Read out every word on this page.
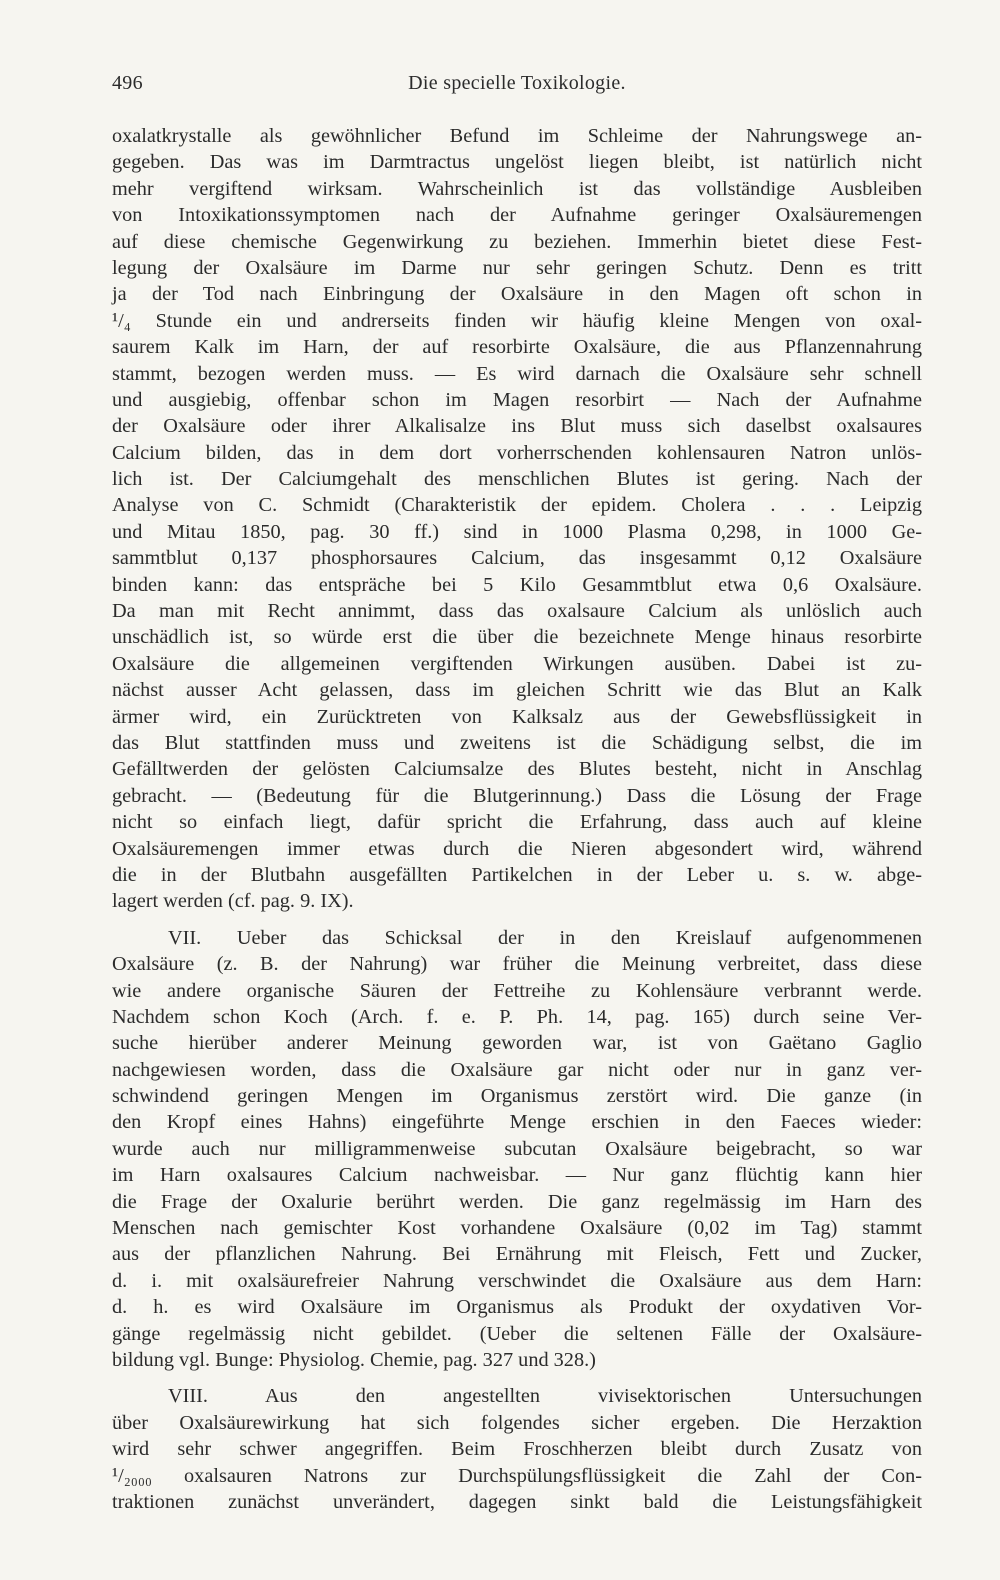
496	Die specielle Toxikologie.
oxalatkrystalle als gewöhnlicher Befund im Schleime der Nahrungswege an-
gegeben. Das was im Darmtractus ungelöst liegen bleibt, ist natürlich nicht
mehr vergiftend wirksam. Wahrscheinlich ist das vollständige Ausbleiben
von Intoxikationssymptomen nach der Aufnahme geringer Oxalsäuremengen
auf diese chemische Gegenwirkung zu beziehen. Immerhin bietet diese Fest-
legung der Oxalsäure im Darme nur sehr geringen Schutz. Denn es tritt
ja der Tod nach Einbringung der Oxalsäure in den Magen oft schon in
¹/₄ Stunde ein und andrerseits finden wir häufig kleine Mengen von oxal-
saurem Kalk im Harn, der auf resorbirte Oxalsäure, die aus Pflanzennahrung
stammt, bezogen werden muss. — Es wird darnach die Oxalsäure sehr schnell
und ausgiebig, offenbar schon im Magen resorbirt — Nach der Aufnahme
der Oxalsäure oder ihrer Alkalisalze ins Blut muss sich daselbst oxalsaures
Calcium bilden, das in dem dort vorherrschenden kohlensauren Natron unlös-
lich ist. Der Calciumgehalt des menschlichen Blutes ist gering. Nach der
Analyse von C. Schmidt (Charakteristik der epidem. Cholera . . . Leipzig
und Mitau 1850, pag. 30 ff.) sind in 1000 Plasma 0,298, in 1000 Ge-
sammtblut 0,137 phosphorsaures Calcium, das insgesammt 0,12 Oxalsäure
binden kann: das entspräche bei 5 Kilo Gesammtblut etwa 0,6 Oxalsäure.
Da man mit Recht annimmt, dass das oxalsaure Calcium als unlöslich auch
unschädlich ist, so würde erst die über die bezeichnete Menge hinaus resorbirte
Oxalsäure die allgemeinen vergiftenden Wirkungen ausüben. Dabei ist zu-
nächst ausser Acht gelassen, dass im gleichen Schritt wie das Blut an Kalk
ärmer wird, ein Zurücktreten von Kalksalz aus der Gewebsflüssigkeit in
das Blut stattfinden muss und zweitens ist die Schädigung selbst, die im
Gefälltwerden der gelösten Calciumsalze des Blutes besteht, nicht in Anschlag
gebracht. — (Bedeutung für die Blutgerinnung.) Dass die Lösung der Frage
nicht so einfach liegt, dafür spricht die Erfahrung, dass auch auf kleine
Oxalsäuremengen immer etwas durch die Nieren abgesondert wird, während
die in der Blutbahn ausgefällten Partikelchen in der Leber u. s. w. abge-
lagert werden (cf. pag. 9. IX).
VII. Ueber das Schicksal der in den Kreislauf aufgenommenen
Oxalsäure (z. B. der Nahrung) war früher die Meinung verbreitet, dass diese
wie andere organische Säuren der Fettreihe zu Kohlensäure verbrannt werde.
Nachdem schon Koch (Arch. f. e. P. Ph. 14, pag. 165) durch seine Ver-
suche hierüber anderer Meinung geworden war, ist von Gaëtano Gaglio
nachgewiesen worden, dass die Oxalsäure gar nicht oder nur in ganz ver-
schwindend geringen Mengen im Organismus zerstört wird. Die ganze (in
den Kropf eines Hahns) eingeführte Menge erschien in den Faeces wieder:
wurde auch nur milligrammenweise subcutan Oxalsäure beigebracht, so war
im Harn oxalsaures Calcium nachweisbar. — Nur ganz flüchtig kann hier
die Frage der Oxalurie berührt werden. Die ganz regelmässig im Harn des
Menschen nach gemischter Kost vorhandene Oxalsäure (0,02 im Tag) stammt
aus der pflanzlichen Nahrung. Bei Ernährung mit Fleisch, Fett und Zucker,
d. i. mit oxalsäurefreier Nahrung verschwindet die Oxalsäure aus dem Harn:
d. h. es wird Oxalsäure im Organismus als Produkt der oxydativen Vor-
gänge regelmässig nicht gebildet. (Ueber die seltenen Fälle der Oxalsäure-
bildung vgl. Bunge: Physiolog. Chemie, pag. 327 und 328.)
VIII. Aus den angestellten vivisektorischen Untersuchungen
über Oxalsäurewirkung hat sich folgendes sicher ergeben. Die Herzaktion
wird sehr schwer angegriffen. Beim Froschherzen bleibt durch Zusatz von
¹/₂₀₀₀ oxalsauren Natrons zur Durchspülungsflüssigkeit die Zahl der Con-
traktionen zunächst unverändert, dagegen sinkt bald die Leistungsfähigkeit
